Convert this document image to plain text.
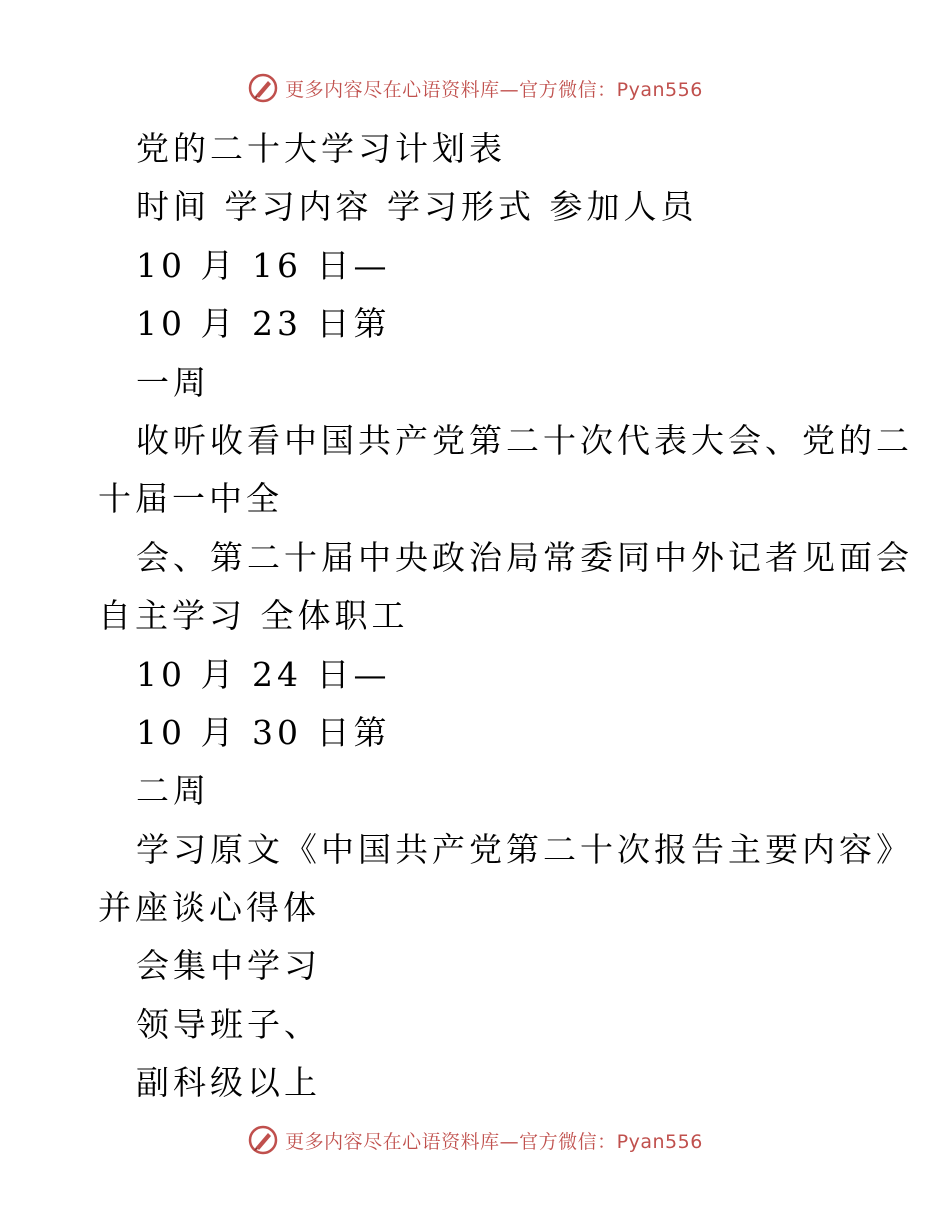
更多内容尽在心语资料库—官方微信：Pyan556
党的二十大学习计划表
时间 学习内容 学习形式 参加人员
10 月 16 日—
10 月 23 日第
一周
收听收看中国共产党第二十次代表大会、党的二
十届一中全
会、第二十届中央政治局常委同中外记者见面会
自主学习 全体职工
10 月 24 日—
10 月 30 日第
二周
学习原文《中国共产党第二十次报告主要内容》
并座谈心得体
会集中学习
领导班子、
副科级以上
更多内容尽在心语资料库—官方微信：Pyan556
